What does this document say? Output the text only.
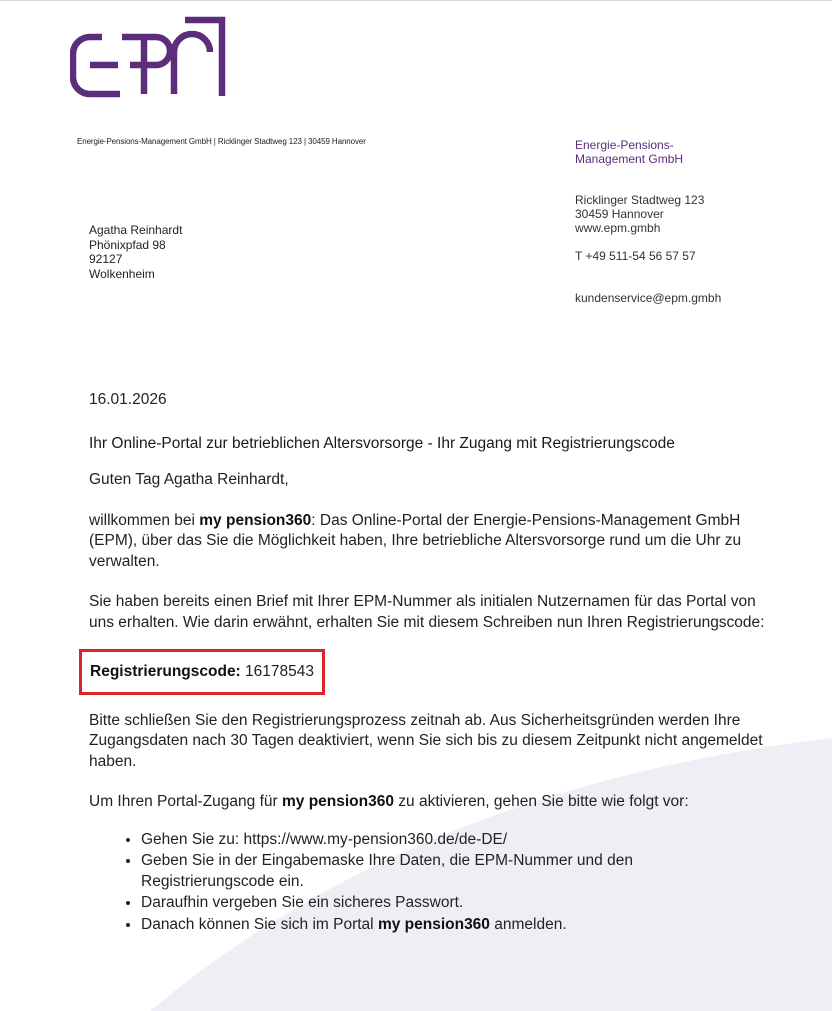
Energie-Pensions-Management GmbH | Ricklinger Stadtweg 123 | 30459 Hannover	Energie-Pensions-Management GmbH
Ricklinger Stadtweg 123
30459 Hannover
www.epm.gmbh
T +49 511-54 56 57 57
kundenservice@epm.gmbh
Agatha Reinhardt
Phönixpfad 98
92127
Wolkenheim
16.01.2026
Ihr Online-Portal zur betrieblichen Altersvorsorge - Ihr Zugang mit Registrierungscode
Guten Tag Agatha Reinhardt,
willkommen bei my pension360: Das Online-Portal der Energie-Pensions-Management GmbH (EPM), über das Sie die Möglichkeit haben, Ihre betriebliche Altersvorsorge rund um die Uhr zu verwalten.
Sie haben bereits einen Brief mit Ihrer EPM-Nummer als initialen Nutzernamen für das Portal von uns erhalten. Wie darin erwähnt, erhalten Sie mit diesem Schreiben nun Ihren Registrierungscode:
Registrierungscode: 16178543
Bitte schließen Sie den Registrierungsprozess zeitnah ab. Aus Sicherheitsgründen werden Ihre Zugangsdaten nach 30 Tagen deaktiviert, wenn Sie sich bis zu diesem Zeitpunkt nicht angemeldet haben.
Um Ihren Portal-Zugang für my pension360 zu aktivieren, gehen Sie bitte wie folgt vor:
• Gehen Sie zu: https://www.my-pension360.de/de-DE/
• Geben Sie in der Eingabemaske Ihre Daten, die EPM-Nummer und den Registrierungscode ein.
• Daraufhin vergeben Sie ein sicheres Passwort.
• Danach können Sie sich im Portal my pension360 anmelden.
